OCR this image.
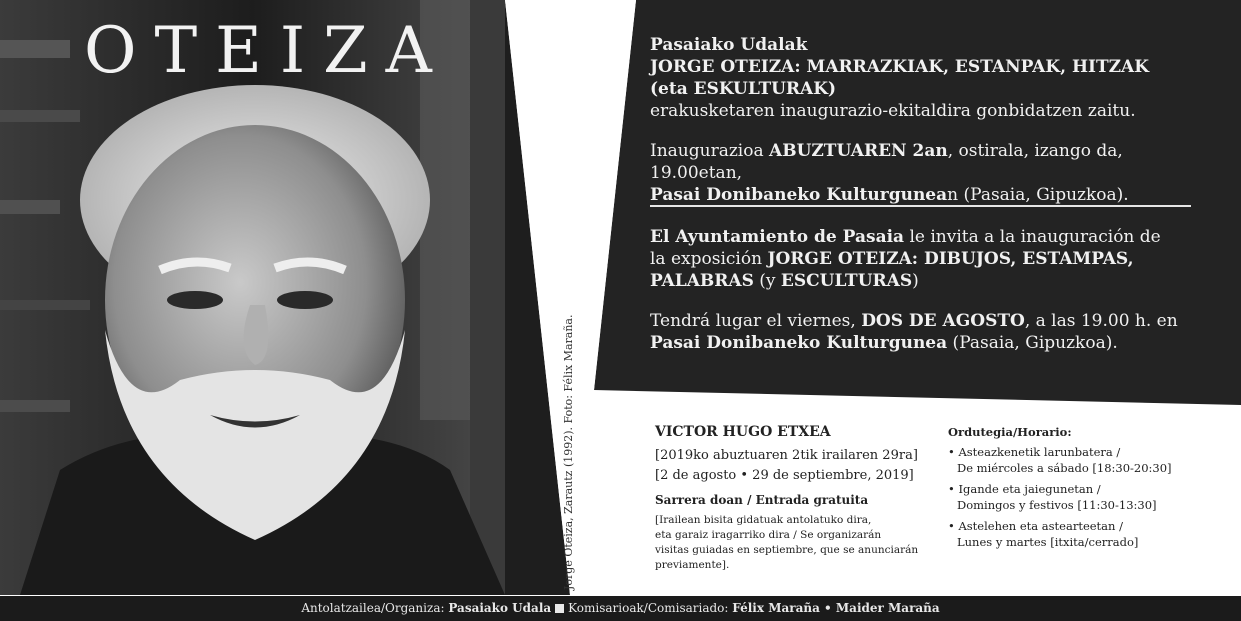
OTEIZA
Jorge Oteiza, Zarautz (1992). Foto: Félix Maraña.
Pasaiako Udalak
JORGE OTEIZA: MARRAZKIAK, ESTANPAK, HITZAK
(eta ESKULTURAK)
erakusketaren inaugurazio-ekitaldira gonbidatzen zaitu.
Inaugurazioa ABUZTUAREN 2an, ostirala, izango da, 19.00etan,
Pasai Donibaneko Kulturgunean (Pasaia, Gipuzkoa).
El Ayuntamiento de Pasaia le invita a la inauguración de
la exposición JORGE OTEIZA: DIBUJOS, ESTAMPAS,
PALABRAS (y ESCULTURAS)
Tendrá lugar el viernes, DOS DE AGOSTO, a las 19.00 h. en
Pasai Donibaneko Kulturgunea (Pasaia, Gipuzkoa).
VICTOR HUGO ETXEA
[2019ko abuztuaren 2tik irailaren 29ra]
[2 de agosto • 29 de septiembre, 2019]
Sarrera doan / Entrada gratuita
[Irailean bisita gidatuak antolatuko dira,
eta garaiz iragarriko dira / Se organizarán
visitas guiadas en septiembre, que se anunciarán
previamente].
Ordutegia/Horario:
• Asteazkenetik larunbatera /
De miércoles a sábado [18:30-20:30]
• Igande eta jaiegunetan /
Domingos y festivos [11:30-13:30]
• Astelehen eta astearteetan /
Lunes y martes [itxita/cerrado]
Antolatzailea/Organiza: Pasaiako Udala Komisarioak/Comisariado: Félix Maraña • Maider Maraña
